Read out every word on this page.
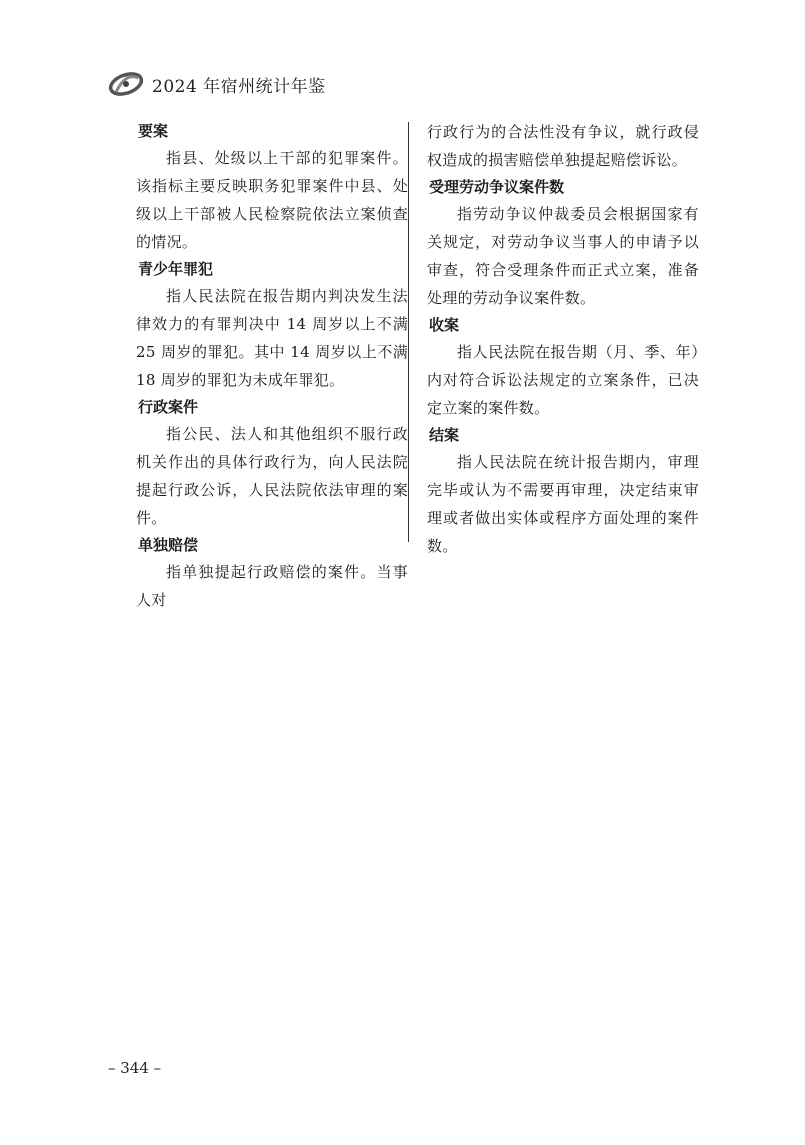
2024 年宿州统计年鉴
要案

指县、处级以上干部的犯罪案件。该指标主要反映职务犯罪案件中县、处级以上干部被人民检察院依法立案侦查的情况。

青少年罪犯

指人民法院在报告期内判决发生法律效力的有罪判决中 14 周岁以上不满 25 周岁的罪犯。其中 14 周岁以上不满 18 周岁的罪犯为未成年罪犯。

行政案件

指公民、法人和其他组织不服行政机关作出的具体行政行为，向人民法院提起行政公诉，人民法院依法审理的案件。

单独赔偿

指单独提起行政赔偿的案件。当事人对

行政行为的合法性没有争议，就行政侵权造成的损害赔偿单独提起赔偿诉讼。

受理劳动争议案件数

指劳动争议仲裁委员会根据国家有关规定，对劳动争议当事人的申请予以审查，符合受理条件而正式立案，准备处理的劳动争议案件数。

收案

指人民法院在报告期（月、季、年）内对符合诉讼法规定的立案条件，已决定立案的案件数。

结案

指人民法院在统计报告期内，审理完毕或认为不需要再审理，决定结束审理或者做出实体或程序方面处理的案件数。

– 344 –
